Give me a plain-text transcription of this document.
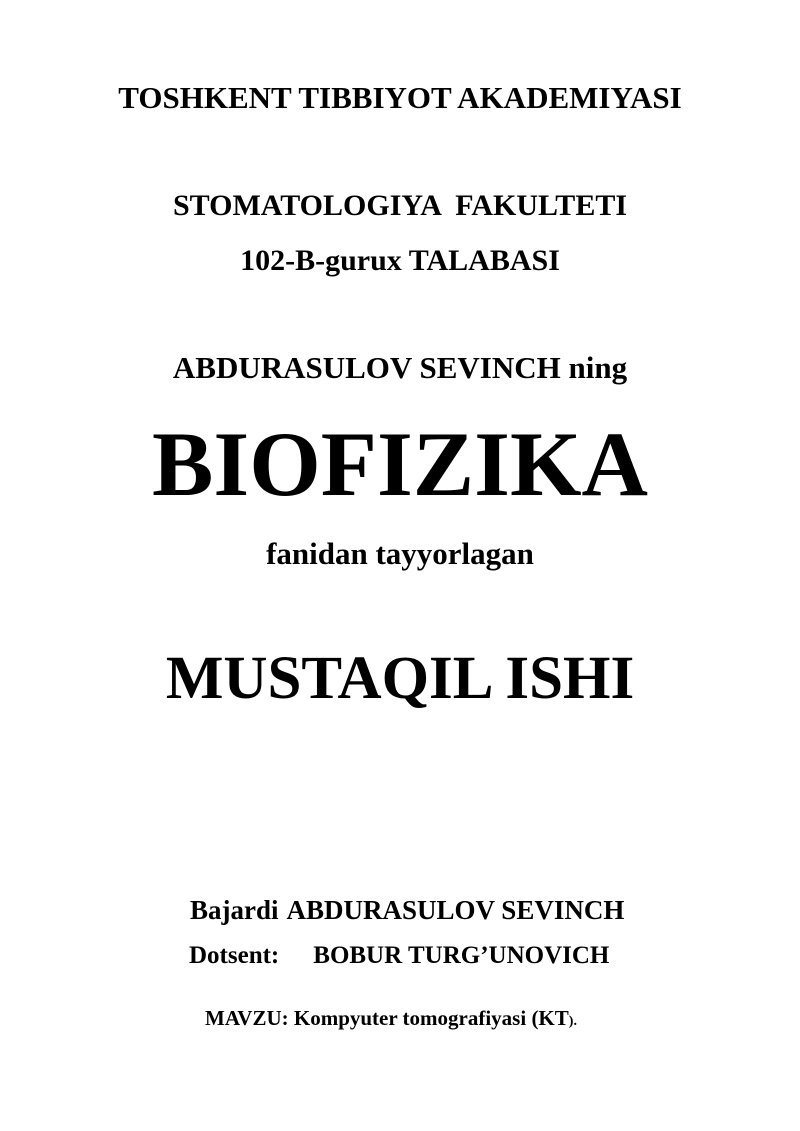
TOSHKENT TIBBIYOT AKADEMIYASI
STOMATOLOGIYA  FAKULTETI
102-B-gurux TALABASI
ABDURASULOV SEVINCH ning
BIOFIZIKA
fanidan tayyorlagan
MUSTAQIL ISHI
Bajardi ABDURASULOV SEVINCH
Dotsent: BOBUR TURG’UNOVICH
MAVZU: Kompyuter tomografiyasi (KT).
